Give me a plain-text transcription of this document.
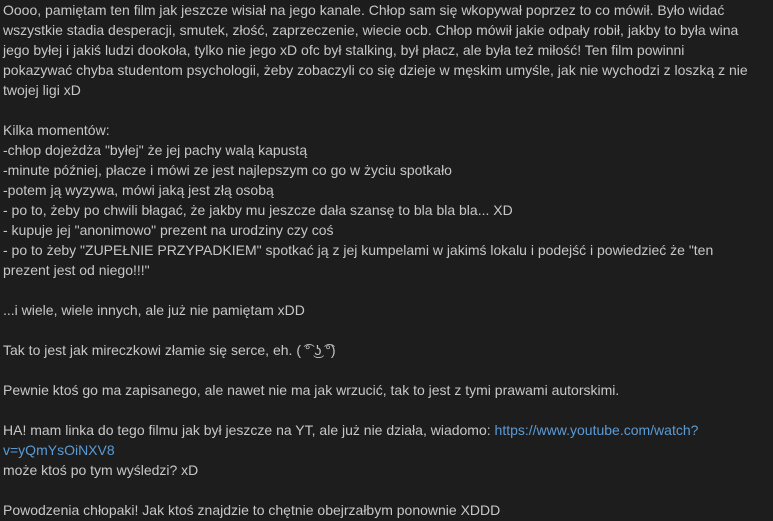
Oooo, pamiętam ten film jak jeszcze wisiał na jego kanale. Chłop sam się wkopywał poprzez to co mówił. Było widać
wszystkie stadia desperacji, smutek, złość, zaprzeczenie, wiecie ocb. Chłop mówił jakie odpały robił, jakby to była wina
jego byłej i jakiś ludzi dookoła, tylko nie jego xD ofc był stalking, był płacz, ale była też miłość! Ten film powinni
pokazywać chyba studentom psychologii, żeby zobaczyli co się dzieje w męskim umyśle, jak nie wychodzi z loszką z nie
twojej ligi xD

Kilka momentów:
-chłop dojeżdża "byłej" że jej pachy walą kapustą
-minute później, płacze i mówi ze jest najlepszym co go w życiu spotkało
-potem ją wyzywa, mówi jaką jest złą osobą
- po to, żeby po chwili błagać, że jakby mu jeszcze dała szansę to bla bla bla... XD
- kupuje jej "anonimowo" prezent na urodziny czy coś
- po to żeby "ZUPEŁNIE PRZYPADKIEM" spotkać ją z jej kumpelami w jakimś lokalu i podejść i powiedzieć że "ten
prezent jest od niego!!!"

...i wiele, wiele innych, ale już nie pamiętam xDD

Tak to jest jak mireczkowi złamie się serce, eh. ( ͡° ͜ʖ ͡°)

Pewnie ktoś go ma zapisanego, ale nawet nie ma jak wrzucić, tak to jest z tymi prawami autorskimi.

HA! mam linka do tego filmu jak był jeszcze na YT, ale już nie działa, wiadomo: https://www.youtube.com/watch?
v=yQmYsOiNXV8
może ktoś po tym wyśledzi? xD

Powodzenia chłopaki! Jak ktoś znajdzie to chętnie obejrzałbym ponownie XDDD
